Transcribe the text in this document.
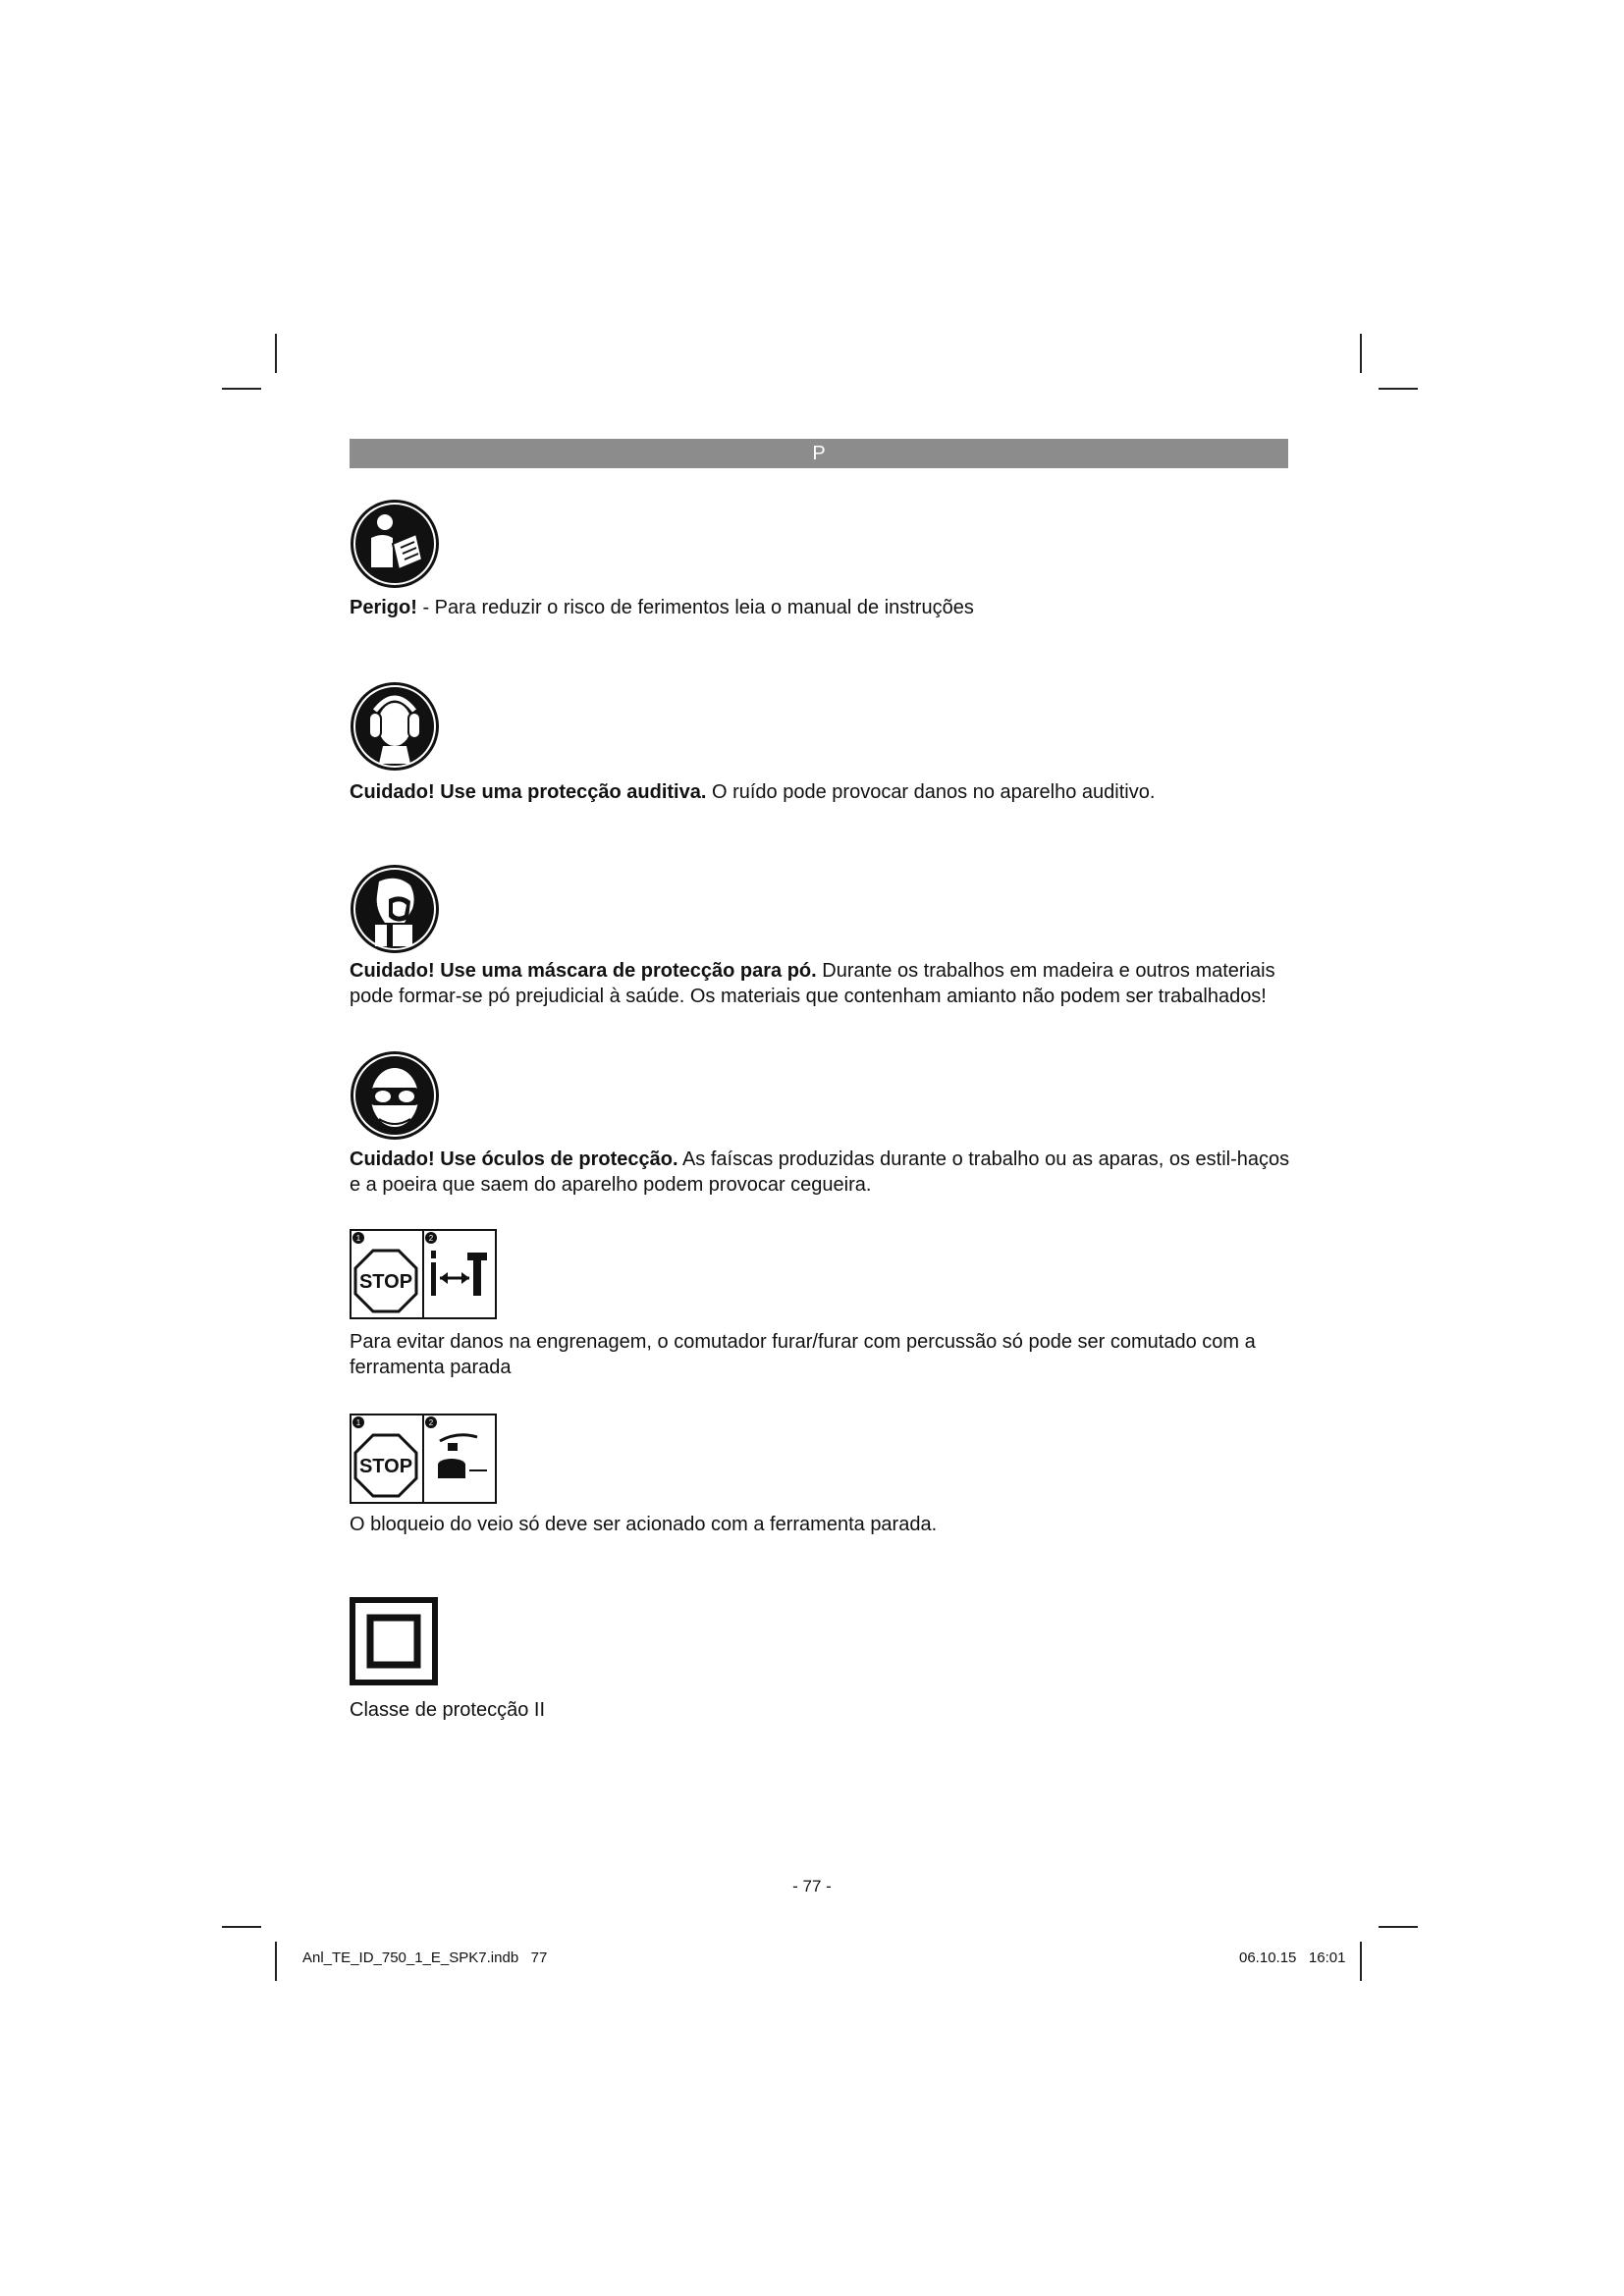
P
Perigo! - Para reduzir o risco de ferimentos leia o manual de instruções
Cuidado! Use uma protecção auditiva. O ruído pode provocar danos no aparelho auditivo.
Cuidado! Use uma máscara de protecção para pó. Durante os trabalhos em madeira e outros materiais pode formar-se pó prejudicial à saúde. Os materiais que contenham amianto não podem ser trabalhados!
Cuidado! Use óculos de protecção. As faíscas produzidas durante o trabalho ou as aparas, os estil-haços e a poeira que saem do aparelho podem provocar cegueira.
1	2
STOP
Para evitar danos na engrenagem, o comutador furar/furar com percussão só pode ser comutado com a ferramenta parada
1	2
STOP
O bloqueio do veio só deve ser acionado com a ferramenta parada.
Classe de protecção II
- 77 -
Anl_TE_ID_750_1_E_SPK7.indb   77	06.10.15   16:01
